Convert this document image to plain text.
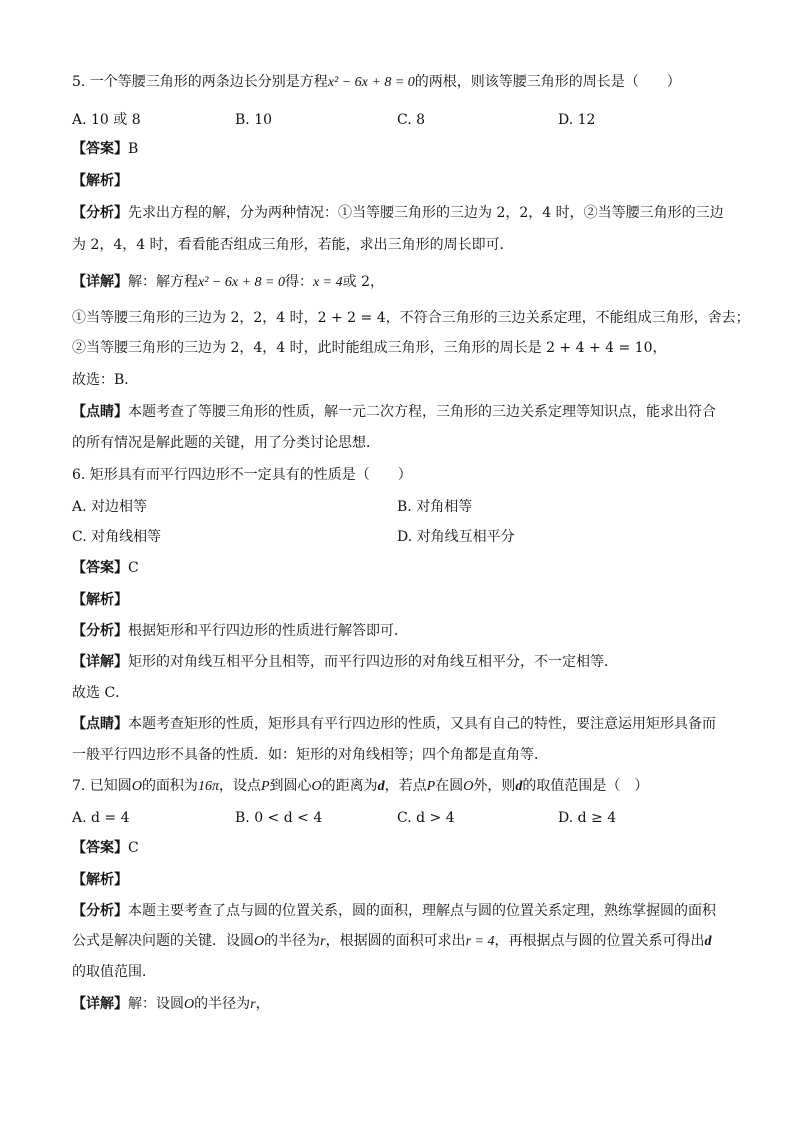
5. 一个等腰三角形的两条边长分别是方程x² − 6x + 8 = 0的两根，则该等腰三角形的周长是（　　）
A. 10 或 8	B. 10	C. 8	D. 12
【答案】B
【解析】
【分析】先求出方程的解，分为两种情况：①当等腰三角形的三边为 2，2，4 时，②当等腰三角形的三边
为 2，4，4 时，看看能否组成三角形，若能，求出三角形的周长即可．
【详解】解：解方程x² − 6x + 8 = 0得：x = 4或 2，
①当等腰三角形的三边为 2，2，4 时，2 + 2 = 4，不符合三角形的三边关系定理，不能组成三角形，舍去；
②当等腰三角形的三边为 2，4，4 时，此时能组成三角形，三角形的周长是 2 + 4 + 4 = 10，
故选：B．
【点睛】本题考查了等腰三角形的性质，解一元二次方程，三角形的三边关系定理等知识点，能求出符合
的所有情况是解此题的关键，用了分类讨论思想．
6. 矩形具有而平行四边形不一定具有的性质是（　　）
A. 对边相等	B. 对角相等
C. 对角线相等	D. 对角线互相平分
【答案】C
【解析】
【分析】根据矩形和平行四边形的性质进行解答即可．
【详解】矩形的对角线互相平分且相等，而平行四边形的对角线互相平分，不一定相等．
故选 C．
【点睛】本题考查矩形的性质，矩形具有平行四边形的性质，又具有自己的特性，要注意运用矩形具备而
一般平行四边形不具备的性质．如：矩形的对角线相等；四个角都是直角等．
7. 已知圆O的面积为16π，设点P到圆心O的距离为d，若点P在圆O外，则d的取值范围是（　）
A. d = 4	B. 0 < d < 4	C. d > 4	D. d ≥ 4
【答案】C
【解析】
【分析】本题主要考查了点与圆的位置关系，圆的面积，理解点与圆的位置关系定理，熟练掌握圆的面积
公式是解决问题的关键．设圆O的半径为r，根据圆的面积可求出r = 4，再根据点与圆的位置关系可得出d
的取值范围．
【详解】解：设圆O的半径为r，
